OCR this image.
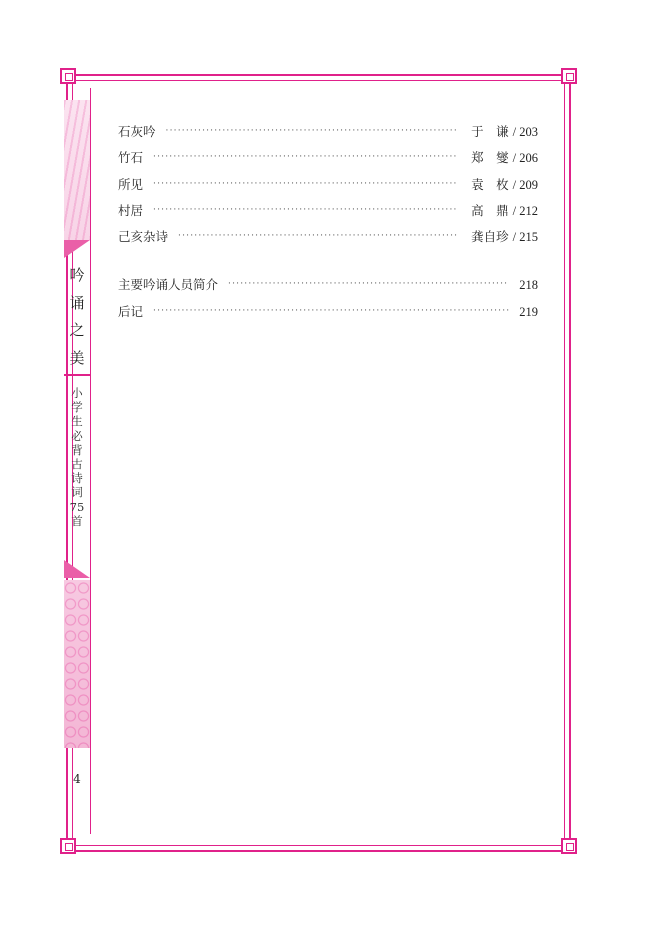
吟
诵
之
美
小
学
生
必
背
古
诗
词
75
首
4
石灰吟 ·····	于　谦 / 203
竹石 ·····	郑　燮 / 206
所见 ·····	袁　枚 / 209
村居 ·····	高　鼎 / 212
己亥杂诗 ·····	龚自珍 / 215
主要吟诵人员简介 ·····	218
后记 ·····	219
